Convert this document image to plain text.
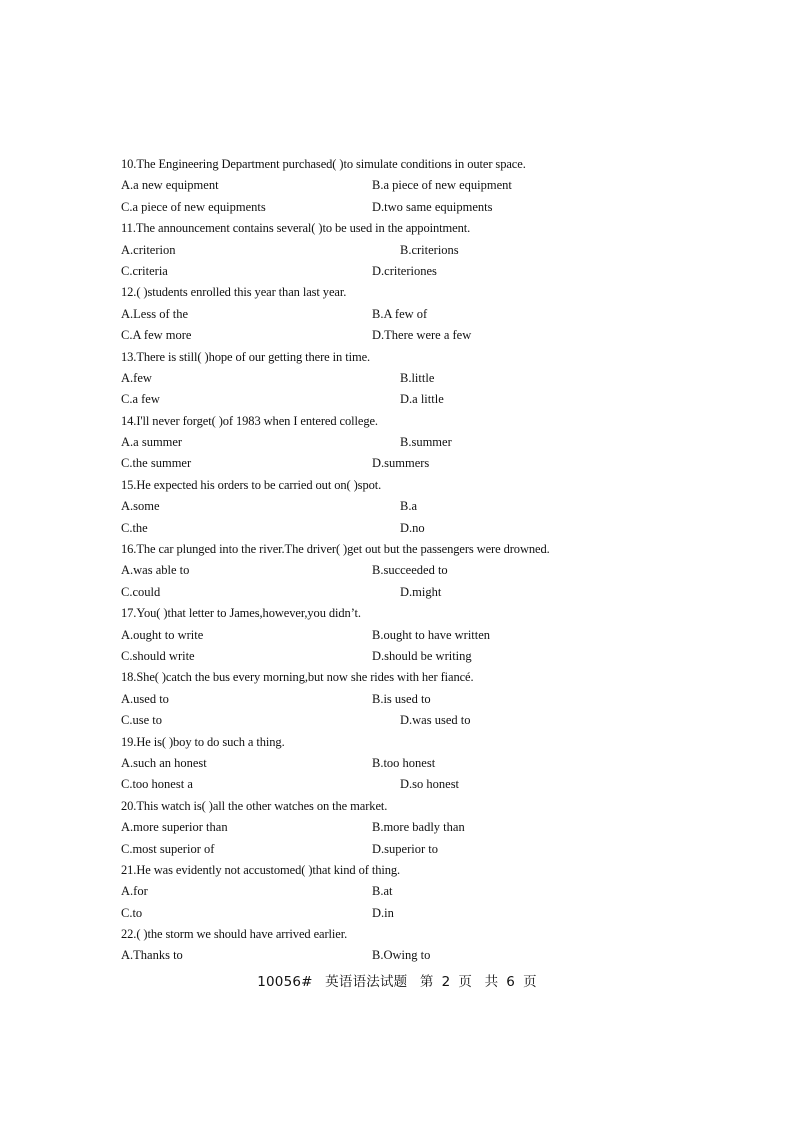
10.The Engineering Department purchased( )to simulate conditions in outer space.
A.a new equipment	B.a piece of new equipment
C.a piece of new equipments	D.two same equipments
11.The announcement contains several( )to be used in the appointment.
A.criterion	B.criterions
C.criteria	D.criteriones
12.( )students enrolled this year than last year.
A.Less of the	B.A few of
C.A few more	D.There were a few
13.There is still( )hope of our getting there in time.
A.few	B.little
C.a few	D.a little
14.I'll never forget( )of 1983 when I entered college.
A.a summer	B.summer
C.the summer	D.summers
15.He expected his orders to be carried out on( )spot.
A.some	B.a
C.the	D.no
16.The car plunged into the river.The driver( )get out but the passengers were drowned.
A.was able to	B.succeeded to
C.could	D.might
17.You( )that letter to James,however,you didn’t.
A.ought to write	B.ought to have written
C.should write	D.should be writing
18.She( )catch the bus every morning,but now she rides with her fiancé.
A.used to	B.is used to
C.use to	D.was used to
19.He is( )boy to do such a thing.
A.such an honest	B.too honest
C.too honest a	D.so honest
20.This watch is( )all the other watches on the market.
A.more superior than	B.more badly than
C.most superior of	D.superior to
21.He was evidently not accustomed( )that kind of thing.
A.for	B.at
C.to	D.in
22.( )the storm we should have arrived earlier.
A.Thanks to	B.Owing to
10056# 英语语法试题 第 2 页 共 6 页
